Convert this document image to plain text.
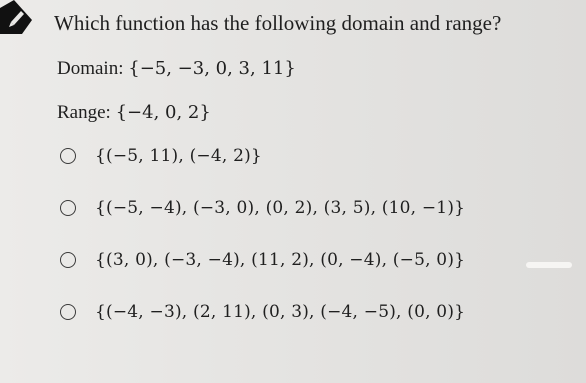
Which function has the following domain and range?
Domain: {−5, −3, 0, 3, 11}
Range: {−4, 0, 2}
{(−5, 11), (−4, 2)}
{(−5, −4), (−3, 0), (0, 2), (3, 5), (10, −1)}
{(3, 0), (−3, −4), (11, 2), (0, −4), (−5, 0)}
{(−4, −3), (2, 11), (0, 3), (−4, −5), (0, 0)}
